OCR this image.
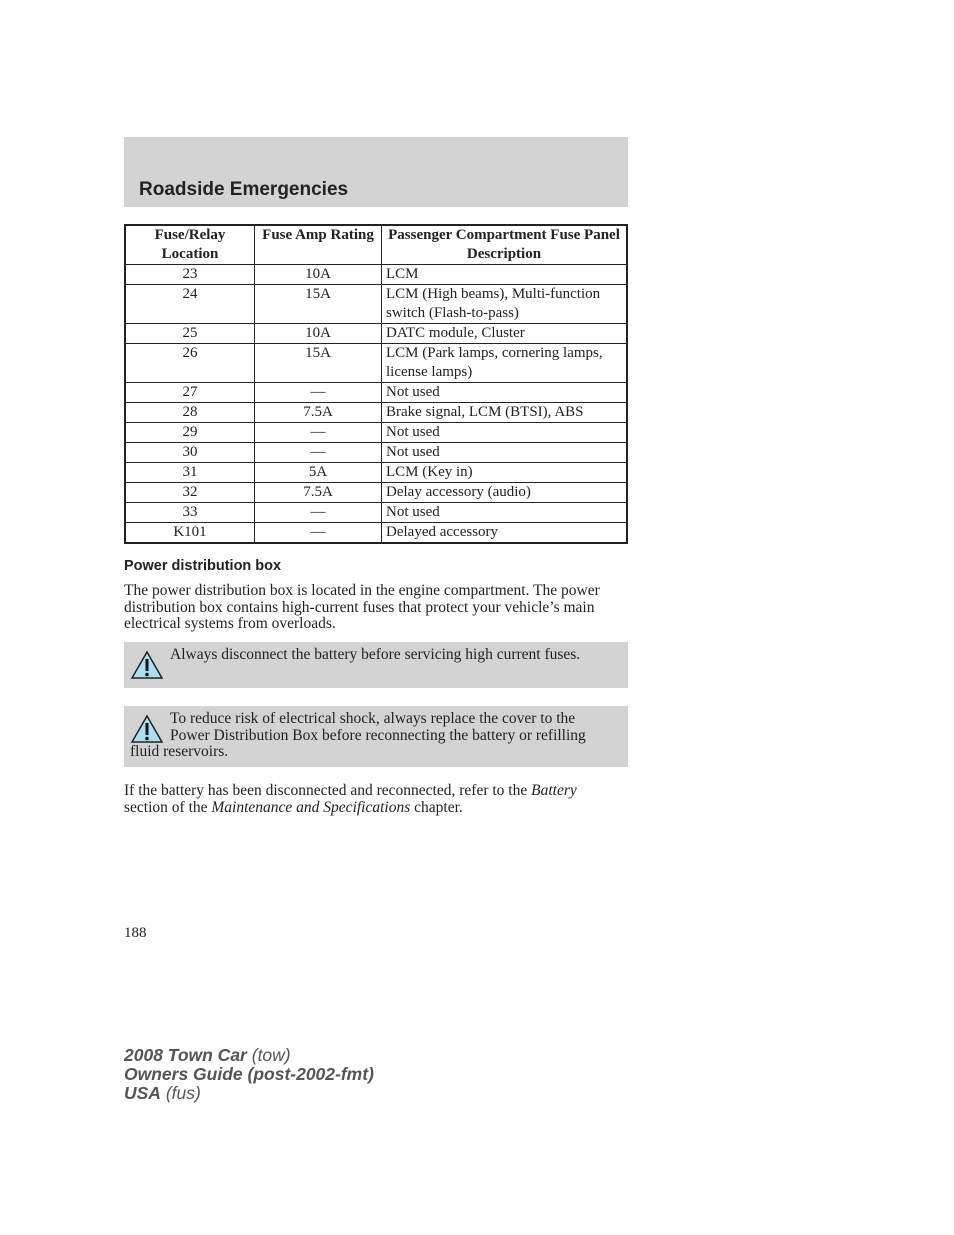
Roadside Emergencies
Fuse/Relay Location	Fuse Amp Rating	Passenger Compartment Fuse Panel Description
23	10A	LCM
24	15A	LCM (High beams), Multi-function switch (Flash-to-pass)
25	10A	DATC module, Cluster
26	15A	LCM (Park lamps, cornering lamps, license lamps)
27	—	Not used
28	7.5A	Brake signal, LCM (BTSI), ABS
29	—	Not used
30	—	Not used
31	5A	LCM (Key in)
32	7.5A	Delay accessory (audio)
33	—	Not used
K101	—	Delayed accessory
Power distribution box
The power distribution box is located in the engine compartment. The power distribution box contains high-current fuses that protect your vehicle’s main electrical systems from overloads.
Always disconnect the battery before servicing high current fuses.
To reduce risk of electrical shock, always replace the cover to the Power Distribution Box before reconnecting the battery or refilling fluid reservoirs.
If the battery has been disconnected and reconnected, refer to the Battery section of the Maintenance and Specifications chapter.
188
2008 Town Car (tow)
Owners Guide (post-2002-fmt)
USA (fus)
